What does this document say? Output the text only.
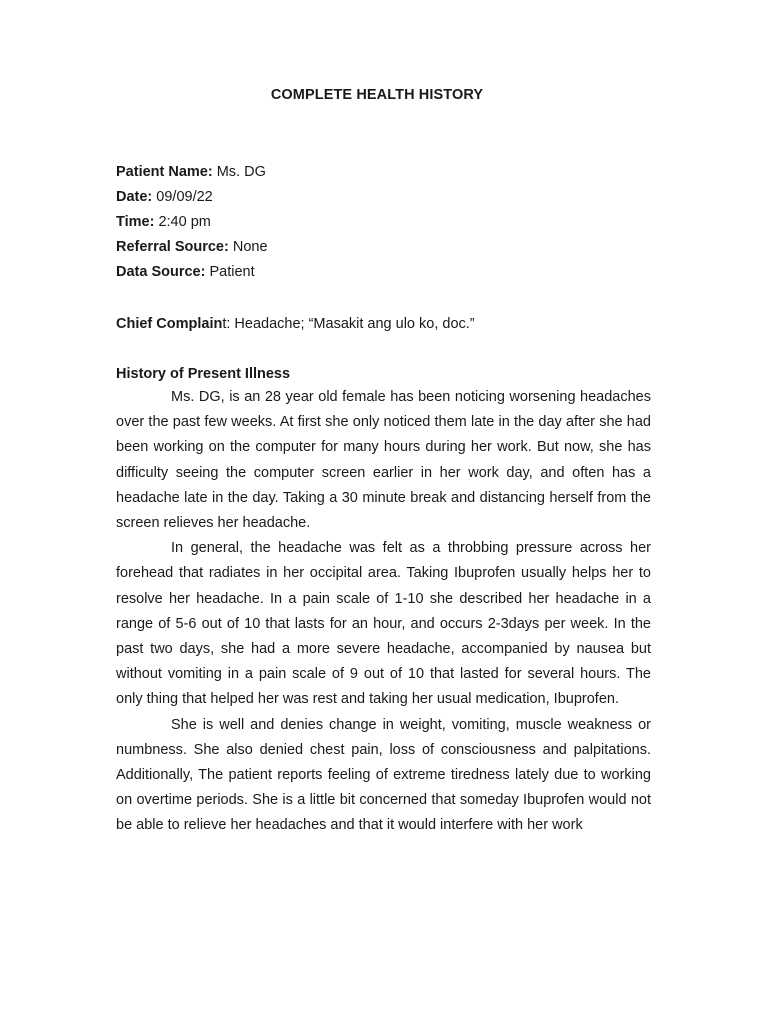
COMPLETE HEALTH HISTORY
Patient Name: Ms. DG
Date: 09/09/22
Time: 2:40 pm
Referral Source: None
Data Source: Patient
Chief Complaint: Headache; “Masakit ang ulo ko, doc.”
History of Present Illness

Ms. DG, is an 28 year old female has been noticing worsening headaches over the past few weeks. At first she only noticed them late in the day after she had been working on the computer for many hours during her work. But now, she has difficulty seeing the computer screen earlier in her work day, and often has a headache late in the day. Taking a 30 minute break and distancing herself from the screen relieves her headache.

In general, the headache was felt as a throbbing pressure across her forehead that radiates in her occipital area. Taking Ibuprofen usually helps her to resolve her headache. In a pain scale of 1-10 she described her headache in a range of 5-6 out of 10 that lasts for an hour, and occurs 2-3days per week. In the past two days, she had a more severe headache, accompanied by nausea but without vomiting in a pain scale of 9 out of 10 that lasted for several hours. The only thing that helped her was rest and taking her usual medication, Ibuprofen.

She is well and denies change in weight, vomiting, muscle weakness or numbness. She also denied chest pain, loss of consciousness and palpitations. Additionally, The patient reports feeling of extreme tiredness lately due to working on overtime periods. She is a little bit concerned that someday Ibuprofen would not be able to relieve her headaches and that it would interfere with her work
